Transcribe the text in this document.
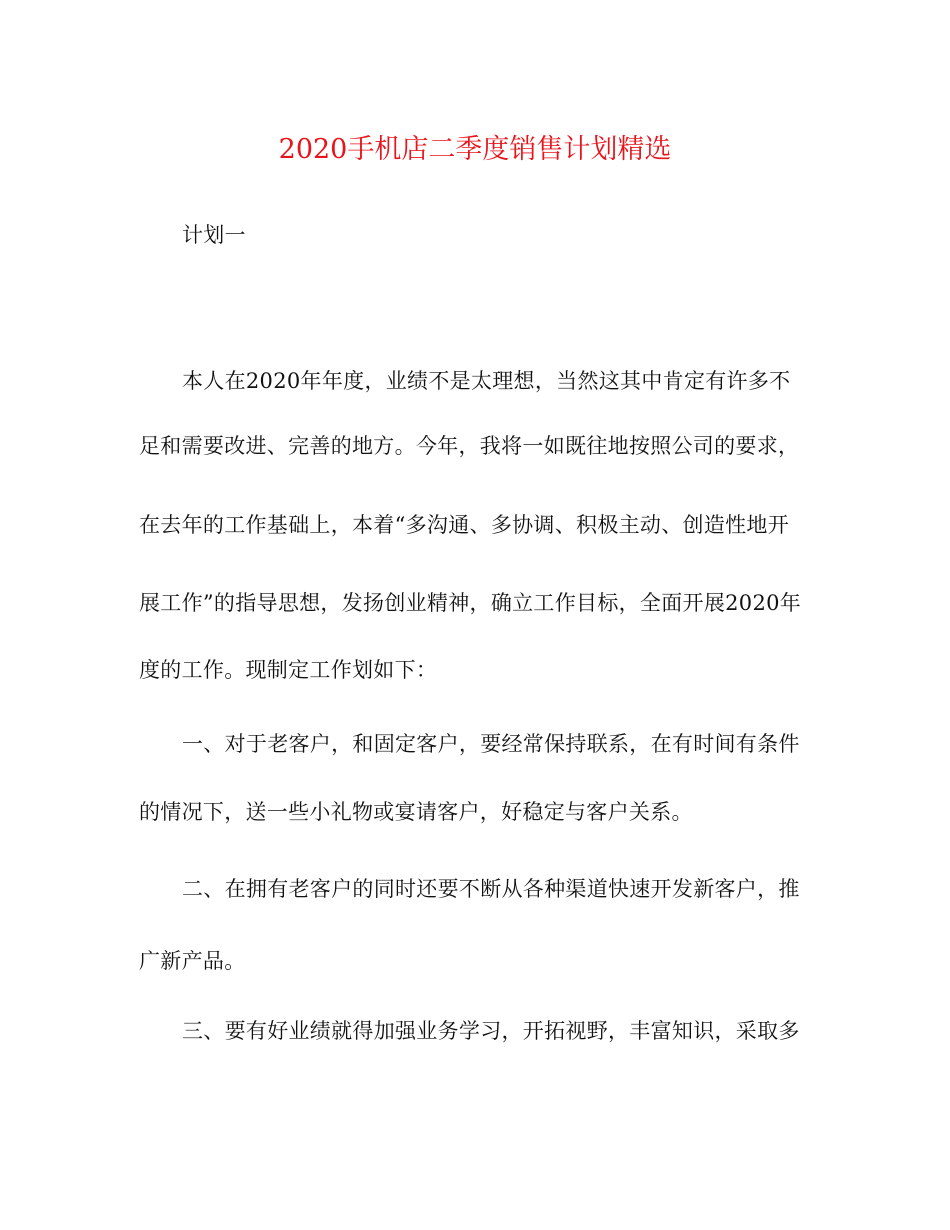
2020手机店二季度销售计划精选
计划一
本人在2020年年度，业绩不是太理想，当然这其中肯定有许多不
足和需要改进、完善的地方。今年，我将一如既往地按照公司的要求，
在去年的工作基础上，本着“多沟通、多协调、积极主动、创造性地开
展工作”的指导思想，发扬创业精神，确立工作目标，全面开展2020年
度的工作。现制定工作划如下：
一、对于老客户，和固定客户，要经常保持联系，在有时间有条件
的情况下，送一些小礼物或宴请客户，好稳定与客户关系。
二、在拥有老客户的同时还要不断从各种渠道快速开发新客户，推
广新产品。
三、要有好业绩就得加强业务学习，开拓视野，丰富知识，采取多
